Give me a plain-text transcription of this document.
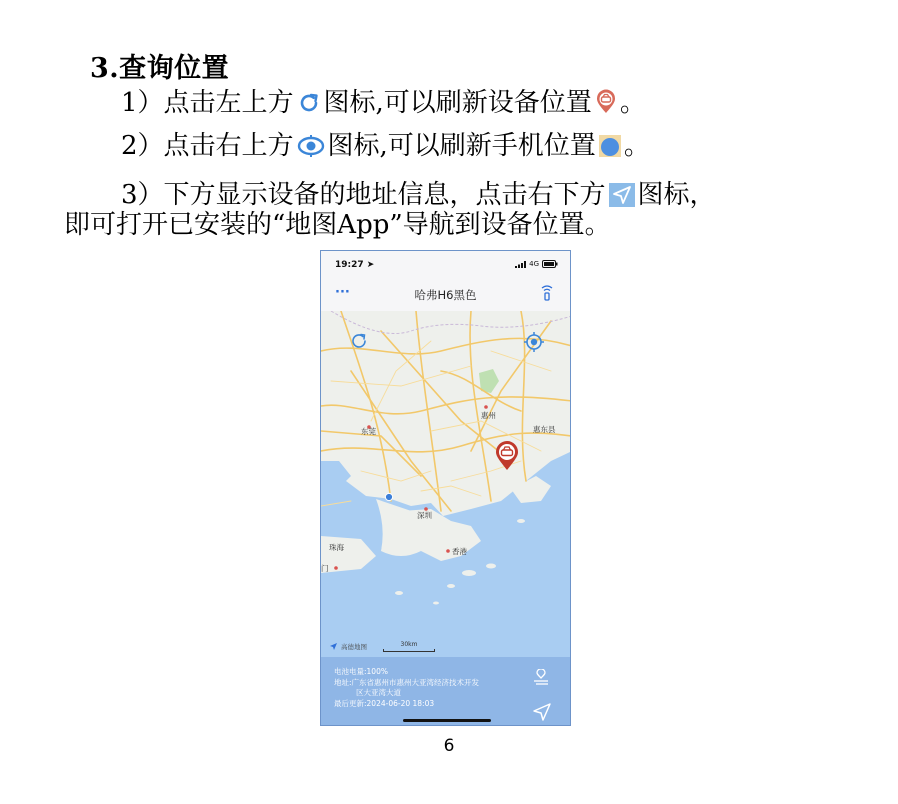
3.查询位置
1）点击左上方 图标,可以刷新设备位置 。
2）点击右上方 图标,可以刷新手机位置 。
3）下方显示设备的地址信息，点击右下方 图标，
即可打开已安装的“地图App”导航到设备位置。
19:27 ➤	4G
···	哈弗H6黑色
惠州
东莞	惠东县
深圳
珠海	香港
门
高德地图	30km
电池电量:100%
地址:广东省惠州市惠州大亚湾经济技术开发
区大亚湾大道
最后更新:2024-06-20 18:03
6
